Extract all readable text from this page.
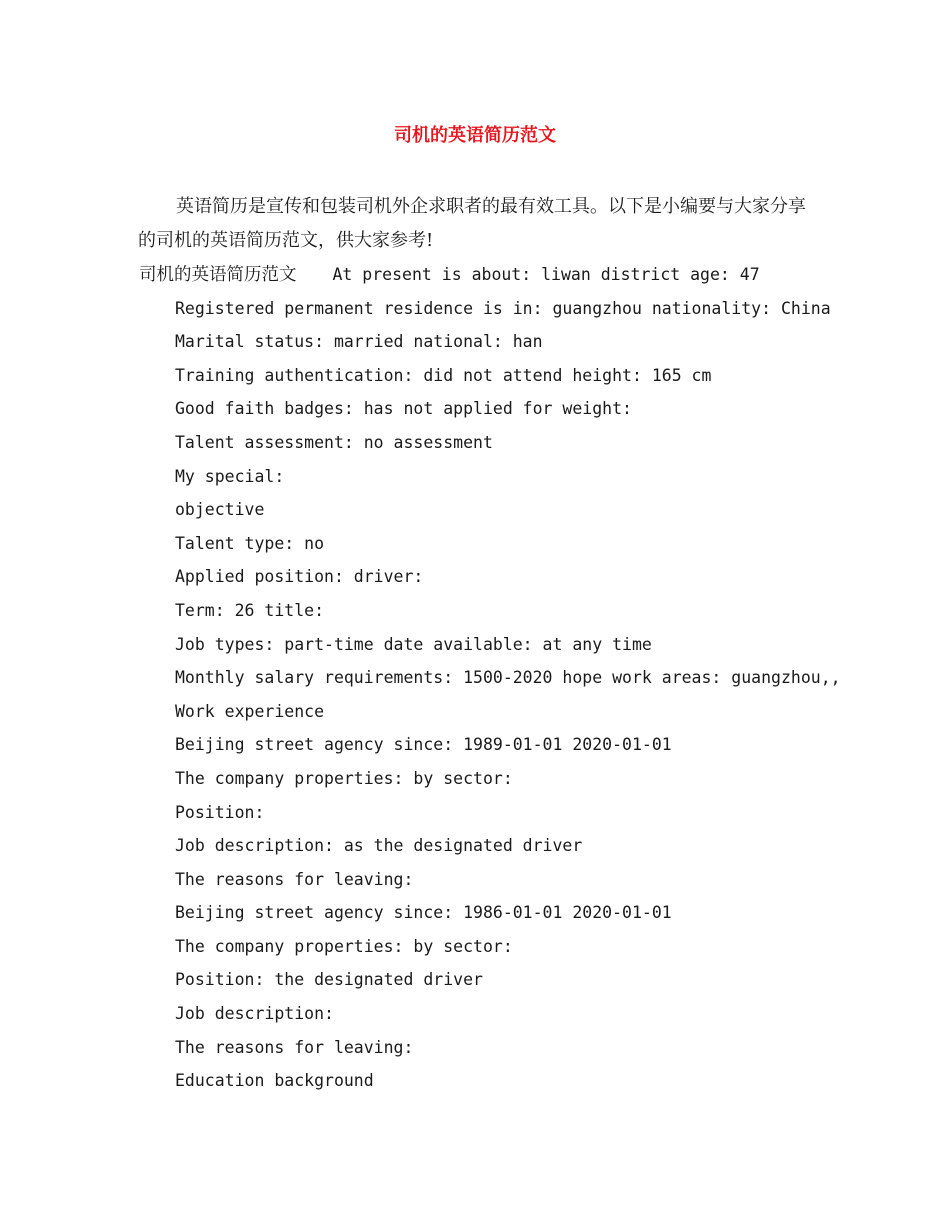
司机的英语简历范文
英语简历是宣传和包装司机外企求职者的最有效工具。以下是小编要与大家分享的司机的英语简历范文，供大家参考!
司机的英语简历范文 At present is about: liwan district age: 47
Registered permanent residence is in: guangzhou nationality: China
Marital status: married national: han
Training authentication: did not attend height: 165 cm
Good faith badges: has not applied for weight:
Talent assessment: no assessment
My special:
objective
Talent type: no
Applied position: driver:
Term: 26 title:
Job types: part-time date available: at any time
Monthly salary requirements: 1500-2020 hope work areas: guangzhou,,
Work experience
Beijing street agency since: 1989-01-01 2020-01-01
The company properties: by sector:
Position:
Job description: as the designated driver
The reasons for leaving:
Beijing street agency since: 1986-01-01 2020-01-01
The company properties: by sector:
Position: the designated driver
Job description:
The reasons for leaving:
Education background
